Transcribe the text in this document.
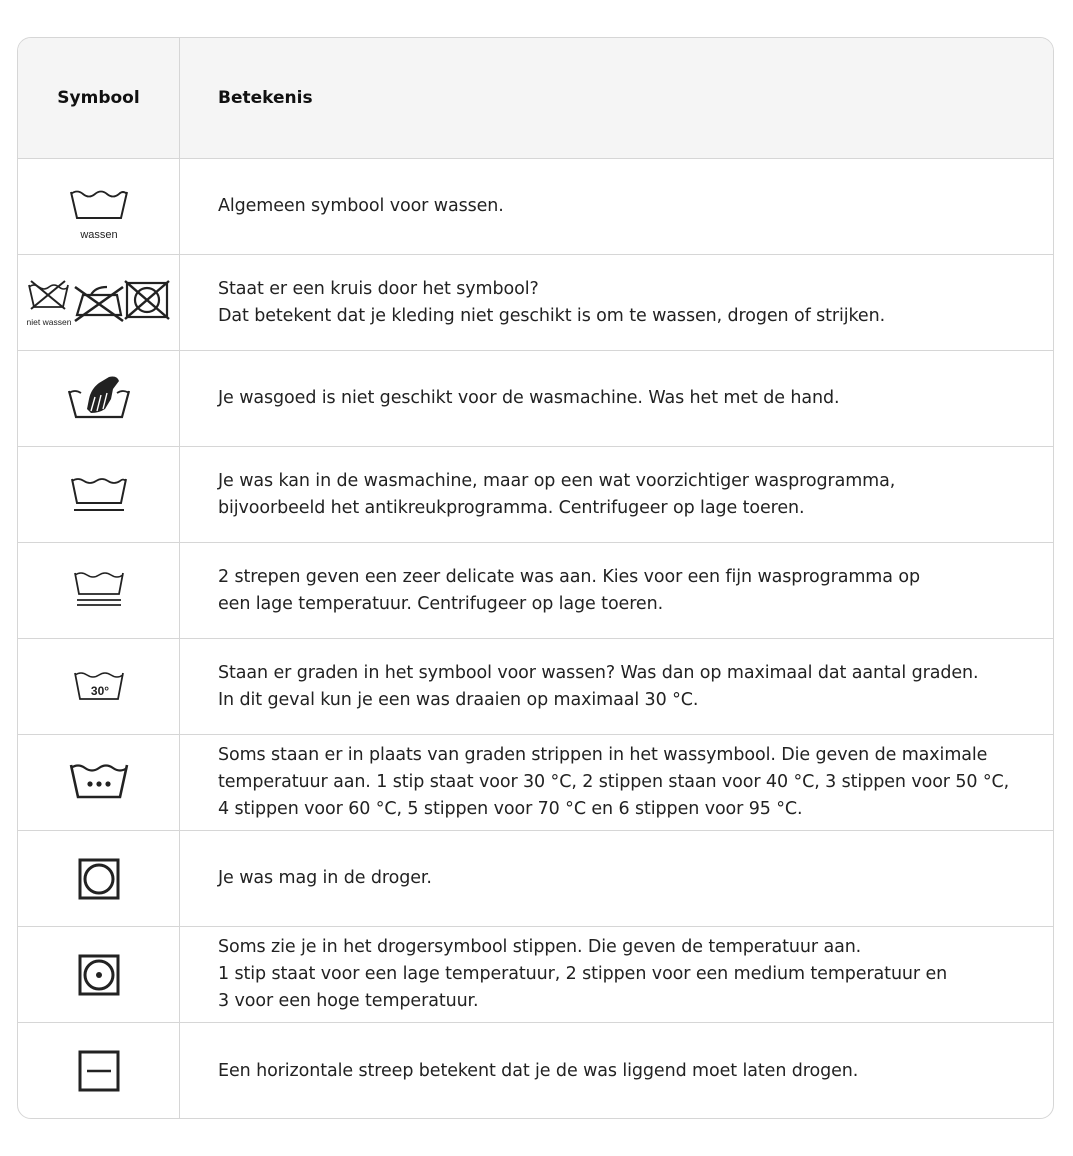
Symbool	Betekenis
wassen
Algemeen symbool voor wassen.
niet wassen
Staat er een kruis door het symbool?
Dat betekent dat je kleding niet geschikt is om te wassen, drogen of strijken.
Je wasgoed is niet geschikt voor de wasmachine. Was het met de hand.
Je was kan in de wasmachine, maar op een wat voorzichtiger wasprogramma,
bijvoorbeeld het antikreukprogramma. Centrifugeer op lage toeren.
2 strepen geven een zeer delicate was aan. Kies voor een fijn wasprogramma op
een lage temperatuur. Centrifugeer op lage toeren.
30°
Staan er graden in het symbool voor wassen? Was dan op maximaal dat aantal graden.
In dit geval kun je een was draaien op maximaal 30 °C.
Soms staan er in plaats van graden strippen in het wassymbool. Die geven de maximale
temperatuur aan. 1 stip staat voor 30 °C, 2 stippen staan voor 40 °C, 3 stippen voor 50 °C,
4 stippen voor 60 °C, 5 stippen voor 70 °C en 6 stippen voor 95 °C.
Je was mag in de droger.
Soms zie je in het drogersymbool stippen. Die geven de temperatuur aan.
1 stip staat voor een lage temperatuur, 2 stippen voor een medium temperatuur en
3 voor een hoge temperatuur.
Een horizontale streep betekent dat je de was liggend moet laten drogen.
